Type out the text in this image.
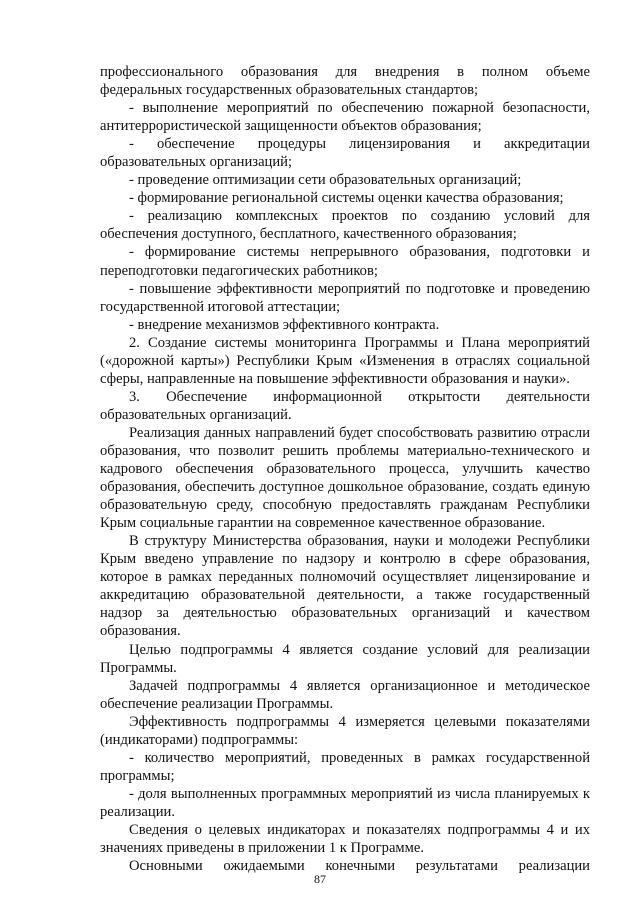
профессионального образования для внедрения в полном объеме федеральных государственных образовательных стандартов;

- выполнение мероприятий по обеспечению пожарной безопасности, антитеррористической защищенности объектов образования;

- обеспечение процедуры лицензирования и аккредитации образовательных организаций;

- проведение оптимизации сети образовательных организаций;

- формирование региональной системы оценки качества образования;

- реализацию комплексных проектов по созданию условий для обеспечения доступного, бесплатного, качественного образования;

- формирование системы непрерывного образования, подготовки и переподготовки педагогических работников;

- повышение эффективности мероприятий по подготовке и проведению государственной итоговой аттестации;

- внедрение механизмов эффективного контракта.

2. Создание системы мониторинга Программы и Плана мероприятий («дорожной карты») Республики Крым «Изменения в отраслях социальной сферы, направленные на повышение эффективности образования и науки».

3. Обеспечение информационной открытости деятельности образовательных организаций.

Реализация данных направлений будет способствовать развитию отрасли образования, что позволит решить проблемы материально-технического и кадрового обеспечения образовательного процесса, улучшить качество образования, обеспечить доступное дошкольное образование, создать единую образовательную среду, способную предоставлять гражданам Республики Крым социальные гарантии на современное качественное образование.

В структуру Министерства образования, науки и молодежи Республики Крым введено управление по надзору и контролю в сфере образования, которое в рамках переданных полномочий осуществляет лицензирование и аккредитацию образовательной деятельности, а также государственный надзор за деятельностью образовательных организаций и качеством образования.

Целью подпрограммы 4 является создание условий для реализации Программы.

Задачей подпрограммы 4 является организационное и методическое обеспечение реализации Программы.

Эффективность подпрограммы 4 измеряется целевыми показателями (индикаторами) подпрограммы:

- количество мероприятий, проведенных в рамках государственной программы;

- доля выполненных программных мероприятий из числа планируемых к реализации.

Сведения о целевых индикаторах и показателях подпрограммы 4 и их значениях приведены в приложении 1 к Программе.

Основными ожидаемыми конечными результатами реализации

87
